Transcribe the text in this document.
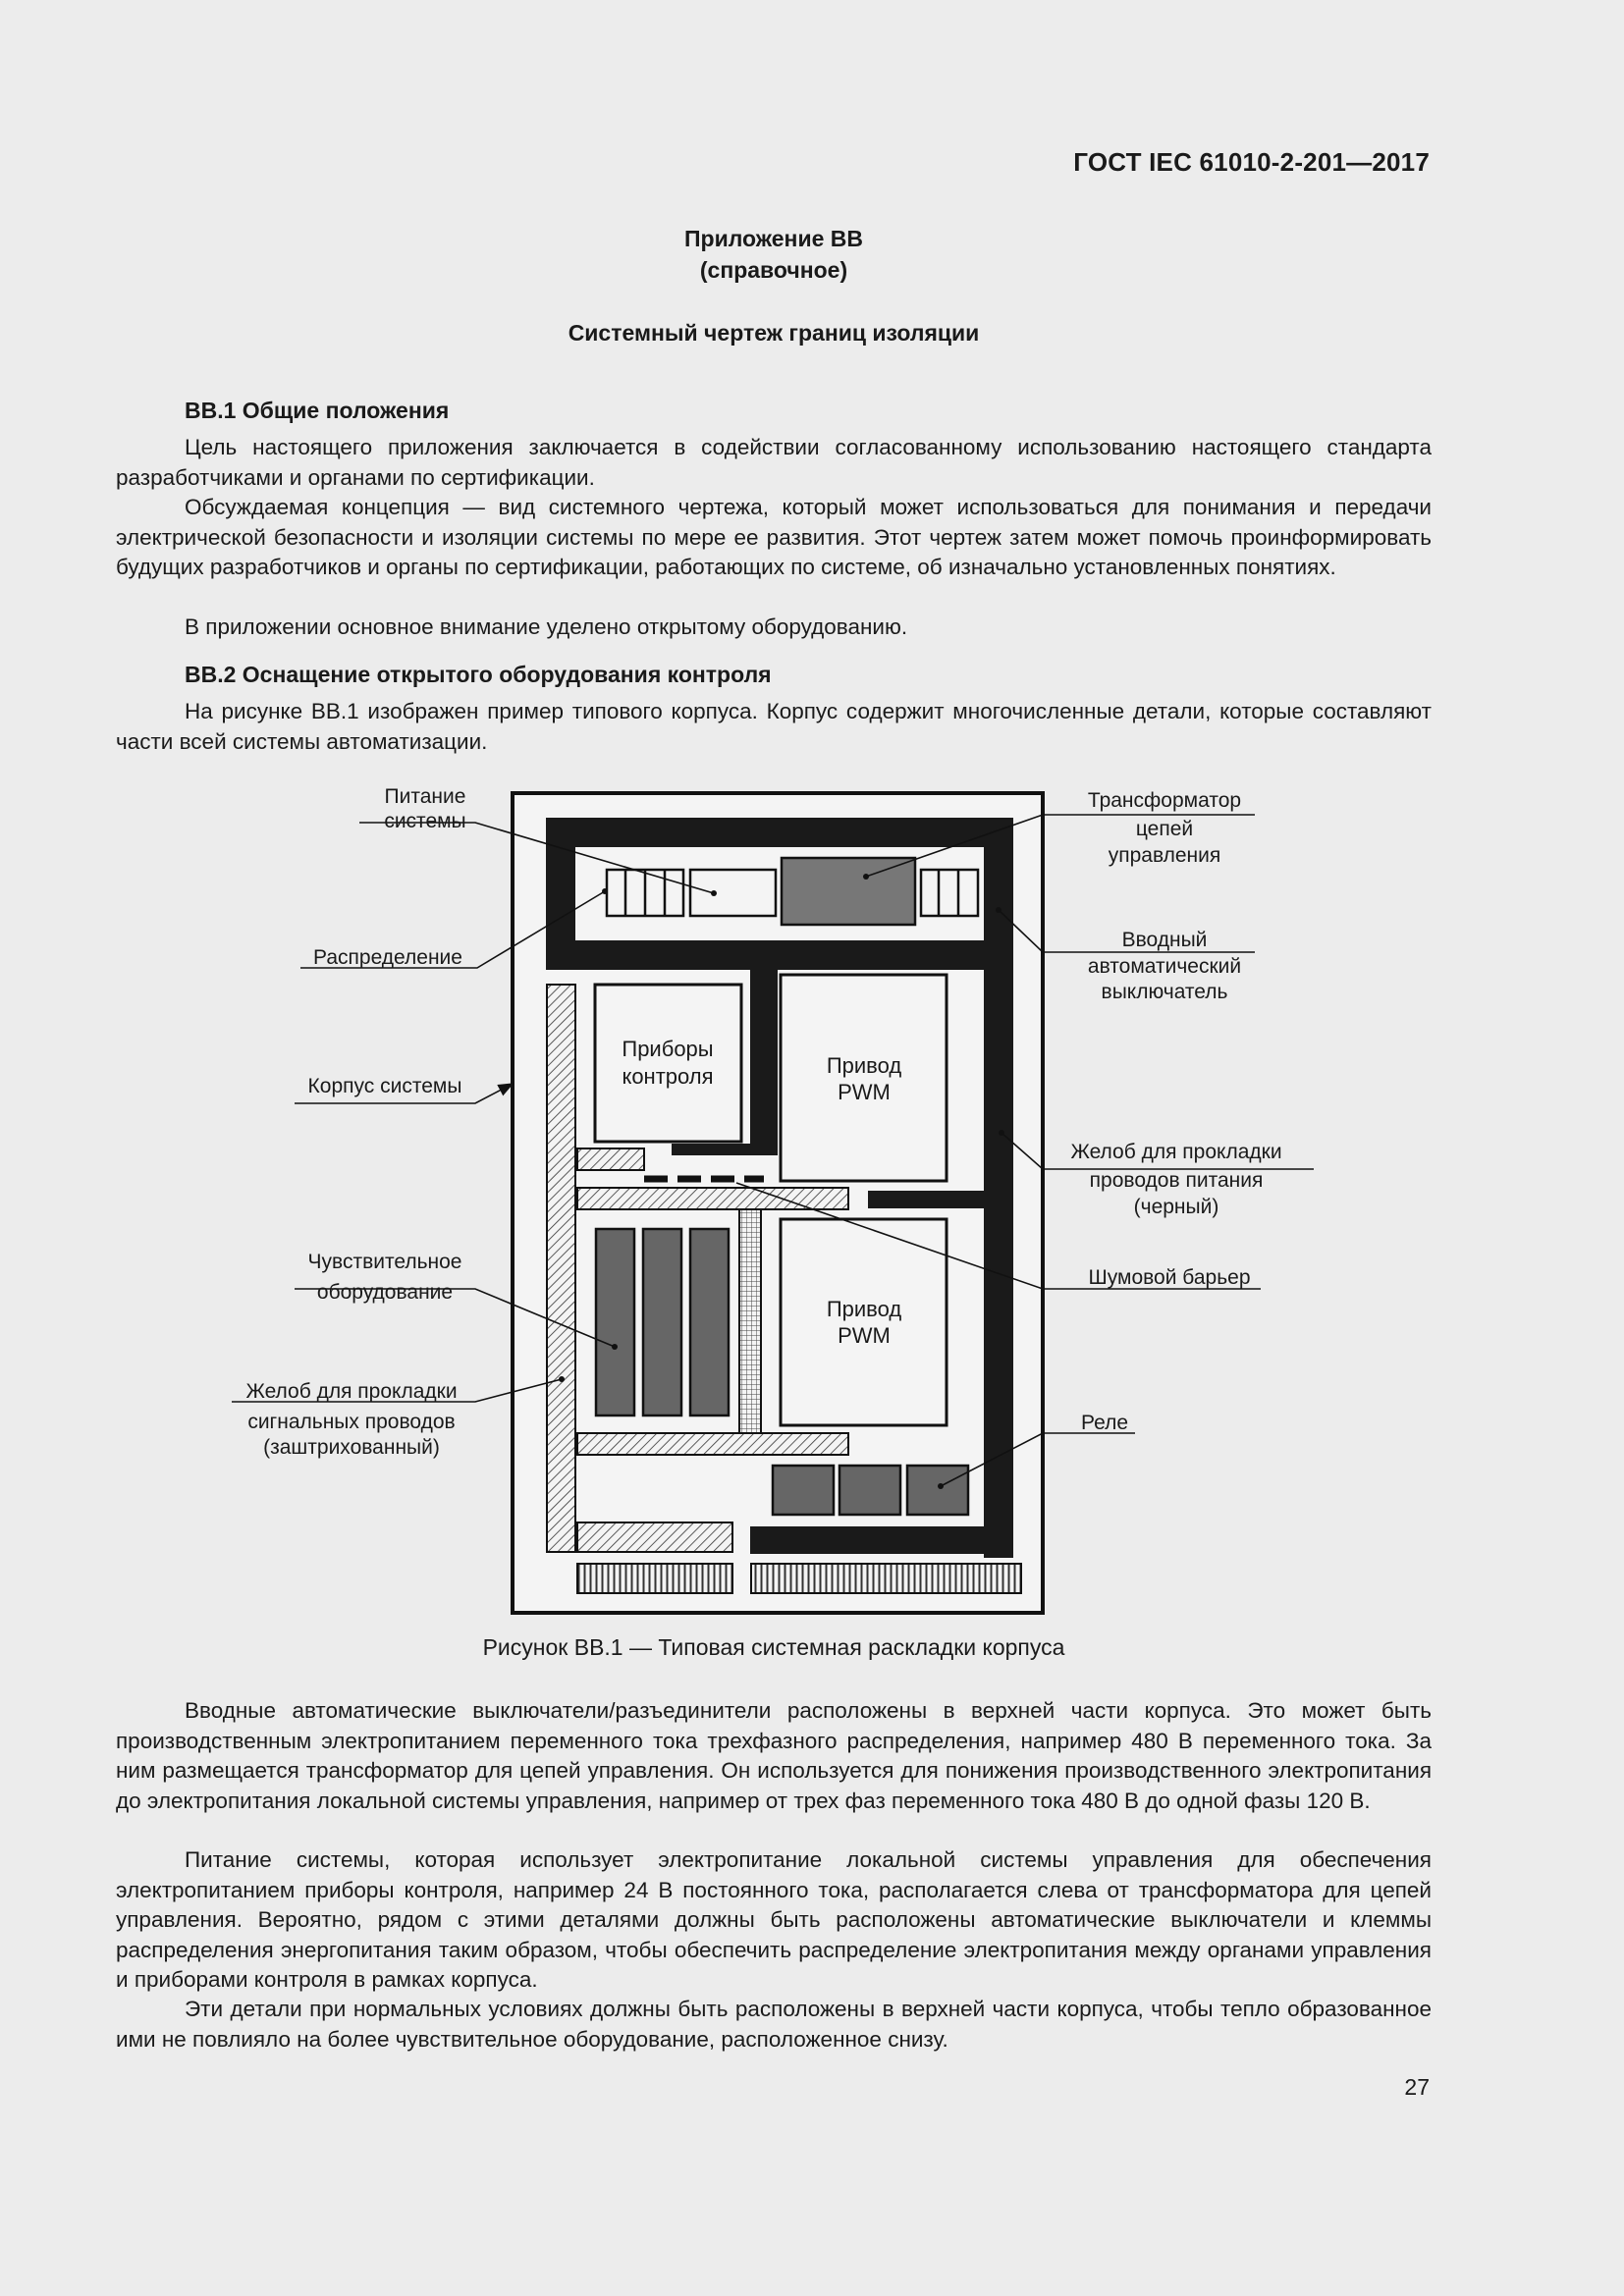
ГОСТ IEC 61010-2-201—2017
Приложение ВВ
(справочное)
Системный чертеж границ изоляции
ВВ.1 Общие положения

Цель настоящего приложения заключается в содействии согласованному использованию настоящего стандарта разработчиками и органами по сертификации.

Обсуждаемая концепция — вид системного чертежа, который может использоваться для понимания и передачи электрической безопасности и изоляции системы по мере ее развития. Этот чертеж затем может помочь проинформировать будущих разработчиков и органы по сертификации, работающих по системе, об изначально установленных понятиях.

В приложении основное внимание уделено открытому оборудованию.

ВВ.2 Оснащение открытого оборудования контроля

На рисунке ВВ.1 изображен пример типового корпуса. Корпус содержит многочисленные детали, которые составляют части всей системы автоматизации.

Приборы
контроля	Привод
PWM
Привод
PWM
Питание
системы
Распределение
Корпус системы
Чувствительное
оборудование
Желоб для прокладки
сигнальных проводов
(заштрихованный)
Трансформатор
цепей
управления
Вводный
автоматический
выключатель
Желоб для прокладки
проводов питания
(черный)
Шумовой барьер
Реле
Рисунок ВВ.1 — Типовая системная раскладки корпуса

Вводные автоматические выключатели/разъединители расположены в верхней части корпуса. Это может быть производственным электропитанием переменного тока трехфазного распределения, например 480 В переменного тока. За ним размещается трансформатор для цепей управления. Он используется для понижения производственного электропитания до электропитания локальной системы управления, например от трех фаз переменного тока 480 В до одной фазы 120 В.

Питание системы, которая использует электропитание локальной системы управления для обеспечения электропитанием приборы контроля, например 24 В постоянного тока, располагается слева от трансформатора для цепей управления. Вероятно, рядом с этими деталями должны быть расположены автоматические выключатели и клеммы распределения энергопитания таким образом, чтобы обеспечить распределение электропитания между органами управления и приборами контроля в рамках корпуса.

Эти детали при нормальных условиях должны быть расположены в верхней части корпуса, чтобы тепло образованное ими не повлияло на более чувствительное оборудование, расположенное снизу.

27
